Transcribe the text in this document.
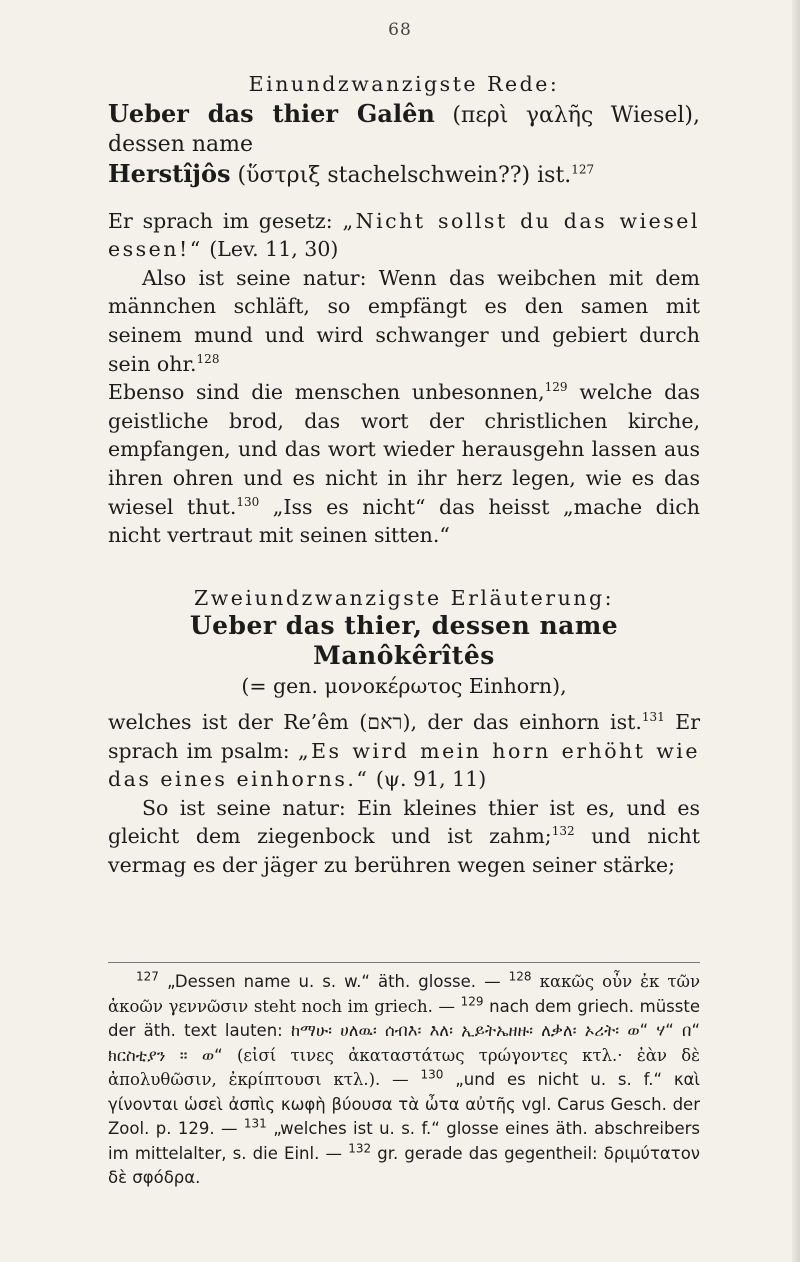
68

Einundzwanzigste Rede:

Ueber das thier Galên (περὶ γαλῆς Wiesel), dessen name

Herstîjôs (ὕστριξ stachelschwein??) ist.$^{127}$

Er sprach im gesetz: „Nicht sollst du das wiesel essen!“ (Lev. 11, 30)

Also ist seine natur: Wenn das weibchen mit dem männchen schläft, so empfängt es den samen mit seinem mund und wird schwanger und gebiert durch sein ohr.$^{128}$

Ebenso sind die menschen unbesonnen,$^{129}$ welche das geistliche brod, das wort der christlichen kirche, empfangen, und das wort wieder herausgehn lassen aus ihren ohren und es nicht in ihr herz legen, wie es das wiesel thut.$^{130}$ „Iss es nicht“ das heisst „mache dich nicht vertraut mit seinen sitten.“

Zweiundzwanzigste Erläuterung:

Ueber das thier, dessen name Manôkêrîtês

(= gen. μονοκέρωτος Einhorn),

welches ist der Re’êm (ראם), der das einhorn ist.$^{131}$ Er sprach im psalm: „Es wird mein horn erhöht wie das eines einhorns.“ (ψ. 91, 11)

So ist seine natur: Ein kleines thier ist es, und es gleicht dem ziegenbock und ist zahm;$^{132}$ und nicht vermag es der jäger zu berühren wegen seiner stärke;

$^{127}$ „Dessen name u. s. w.“ äth. glosse. — $^{128}$ κακῶς οὖν ἐκ τῶν ἀκοῶν γεννῶσιν steht noch im griech. — $^{129}$ nach dem griech. müsste der äth. text lauten: ከማሁ፡ ሀለዉ፡ ሰብእ፡ እለ፡ ኢይትኤዘዙ፡ ለቃለ፡ ኦሪት፡ ወ“ ሃ“ በ“ ክርስቲያን ። ወ“ (εἰσί τινες ἀκαταστάτως τρώγοντες κτλ.· ἐὰν δὲ ἀπολυθῶσιν, ἐκρίπτουσι κτλ.). — $^{130}$ „und es nicht u. s. f.“ καὶ γίνονται ὡσεὶ ἀσπὶς κωφὴ βύουσα τὰ ὦτα αὐτῆς vgl. Carus Gesch. der Zool. p. 129. — $^{131}$ „welches ist u. s. f.“ glosse eines äth. abschreibers im mittelalter, s. die Einl. — $^{132}$ gr. gerade das gegentheil: δριμύτατον δὲ σφόδρα.
